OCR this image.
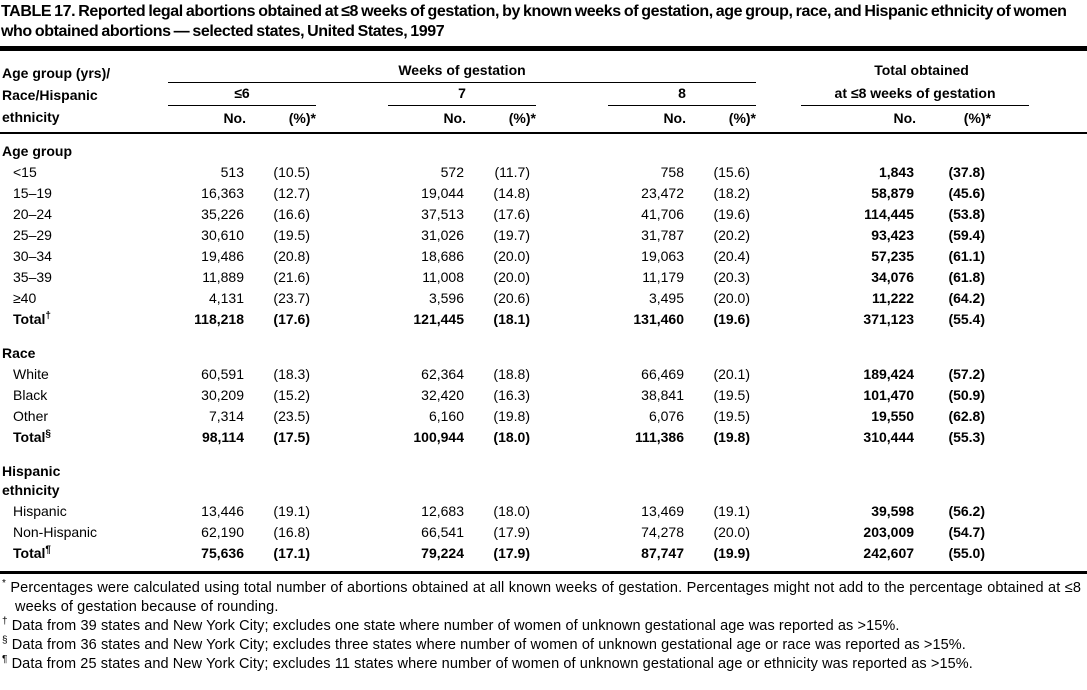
TABLE 17. Reported legal abortions obtained at ≤8 weeks of gestation, by known weeks of gestation, age group, race, and Hispanic ethnicity of women who obtained abortions — selected states, United States, 1997
Age group (yrs)/
Race/Hispanic
ethnicity	Weeks of gestation						Total obtained		

	≤6		7		8		at ≤8 weeks of gestation		

	No.	(%)*	No.	(%)*	No.	(%)*	No.	(%)*	
Age group									
<15	513	(10.5)	572	(11.7)	758	(15.6)	1,843	(37.8)	
15–19	16,363	(12.7)	19,044	(14.8)	23,472	(18.2)	58,879	(45.6)	
20–24	35,226	(16.6)	37,513	(17.6)	41,706	(19.6)	114,445	(53.8)	
25–29	30,610	(19.5)	31,026	(19.7)	31,787	(20.2)	93,423	(59.4)	
30–34	19,486	(20.8)	18,686	(20.0)	19,063	(20.4)	57,235	(61.1)	
35–39	11,889	(21.6)	11,008	(20.0)	11,179	(20.3)	34,076	(61.8)	
≥40	4,131	(23.7)	3,596	(20.6)	3,495	(20.0)	11,222	(64.2)	
Total†	118,218	(17.6)	121,445	(18.1)	131,460	(19.6)	371,123	(55.4)	
Race									
White	60,591	(18.3)	62,364	(18.8)	66,469	(20.1)	189,424	(57.2)	
Black	30,209	(15.2)	32,420	(16.3)	38,841	(19.5)	101,470	(50.9)	
Other	7,314	(23.5)	6,160	(19.8)	6,076	(19.5)	19,550	(62.8)	
Total§	98,114	(17.5)	100,944	(18.0)	111,386	(19.8)	310,444	(55.3)	
Hispanic									
ethnicity									
Hispanic	13,446	(19.1)	12,683	(18.0)	13,469	(19.1)	39,598	(56.2)	
Non-Hispanic	62,190	(16.8)	66,541	(17.9)	74,278	(20.0)	203,009	(54.7)	
Total¶	75,636	(17.1)	79,224	(17.9)	87,747	(19.9)	242,607	(55.0)	
* Percentages were calculated using total number of abortions obtained at all known weeks of gestation. Percentages might not add to the percentage obtained at ≤8 weeks of gestation because of rounding.
† Data from 39 states and New York City; excludes one state where number of women of unknown gestational age was reported as >15%.
§ Data from 36 states and New York City; excludes three states where number of women of unknown gestational age or race was reported as >15%.
¶ Data from 25 states and New York City; excludes 11 states where number of women of unknown gestational age or ethnicity was reported as >15%.
